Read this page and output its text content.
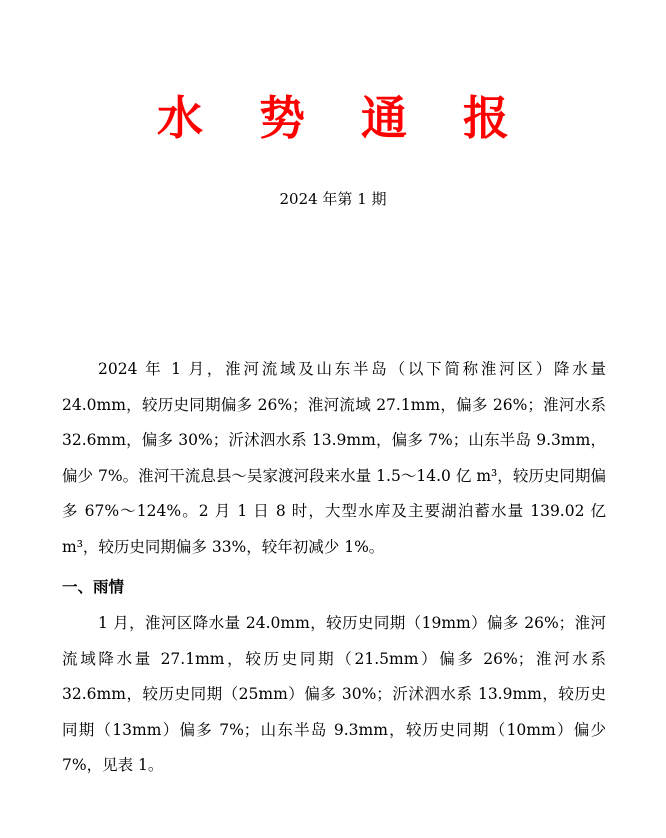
水 势 通 报
2024 年第 1 期

2024 年 1 月，淮河流域及山东半岛（以下简称淮河区）降水量 24.0mm，较历史同期偏多 26%；淮河流域 27.1mm，偏多 26%；淮河水系 32.6mm，偏多 30%；沂沭泗水系 13.9mm，偏多 7%；山东半岛 9.3mm，偏少 7%。淮河干流息县～吴家渡河段来水量 1.5～14.0 亿 m³，较历史同期偏多 67%～124%。2 月 1 日 8 时，大型水库及主要湖泊蓄水量 139.02 亿 m³，较历史同期偏多 33%，较年初减少 1%。

一、雨情

1 月，淮河区降水量 24.0mm，较历史同期（19mm）偏多 26%；淮河流域降水量 27.1mm，较历史同期（21.5mm）偏多 26%；淮河水系 32.6mm，较历史同期（25mm）偏多 30%；沂沭泗水系 13.9mm，较历史同期（13mm）偏多 7%；山东半岛 9.3mm，较历史同期（10mm）偏少 7%，见表 1。
